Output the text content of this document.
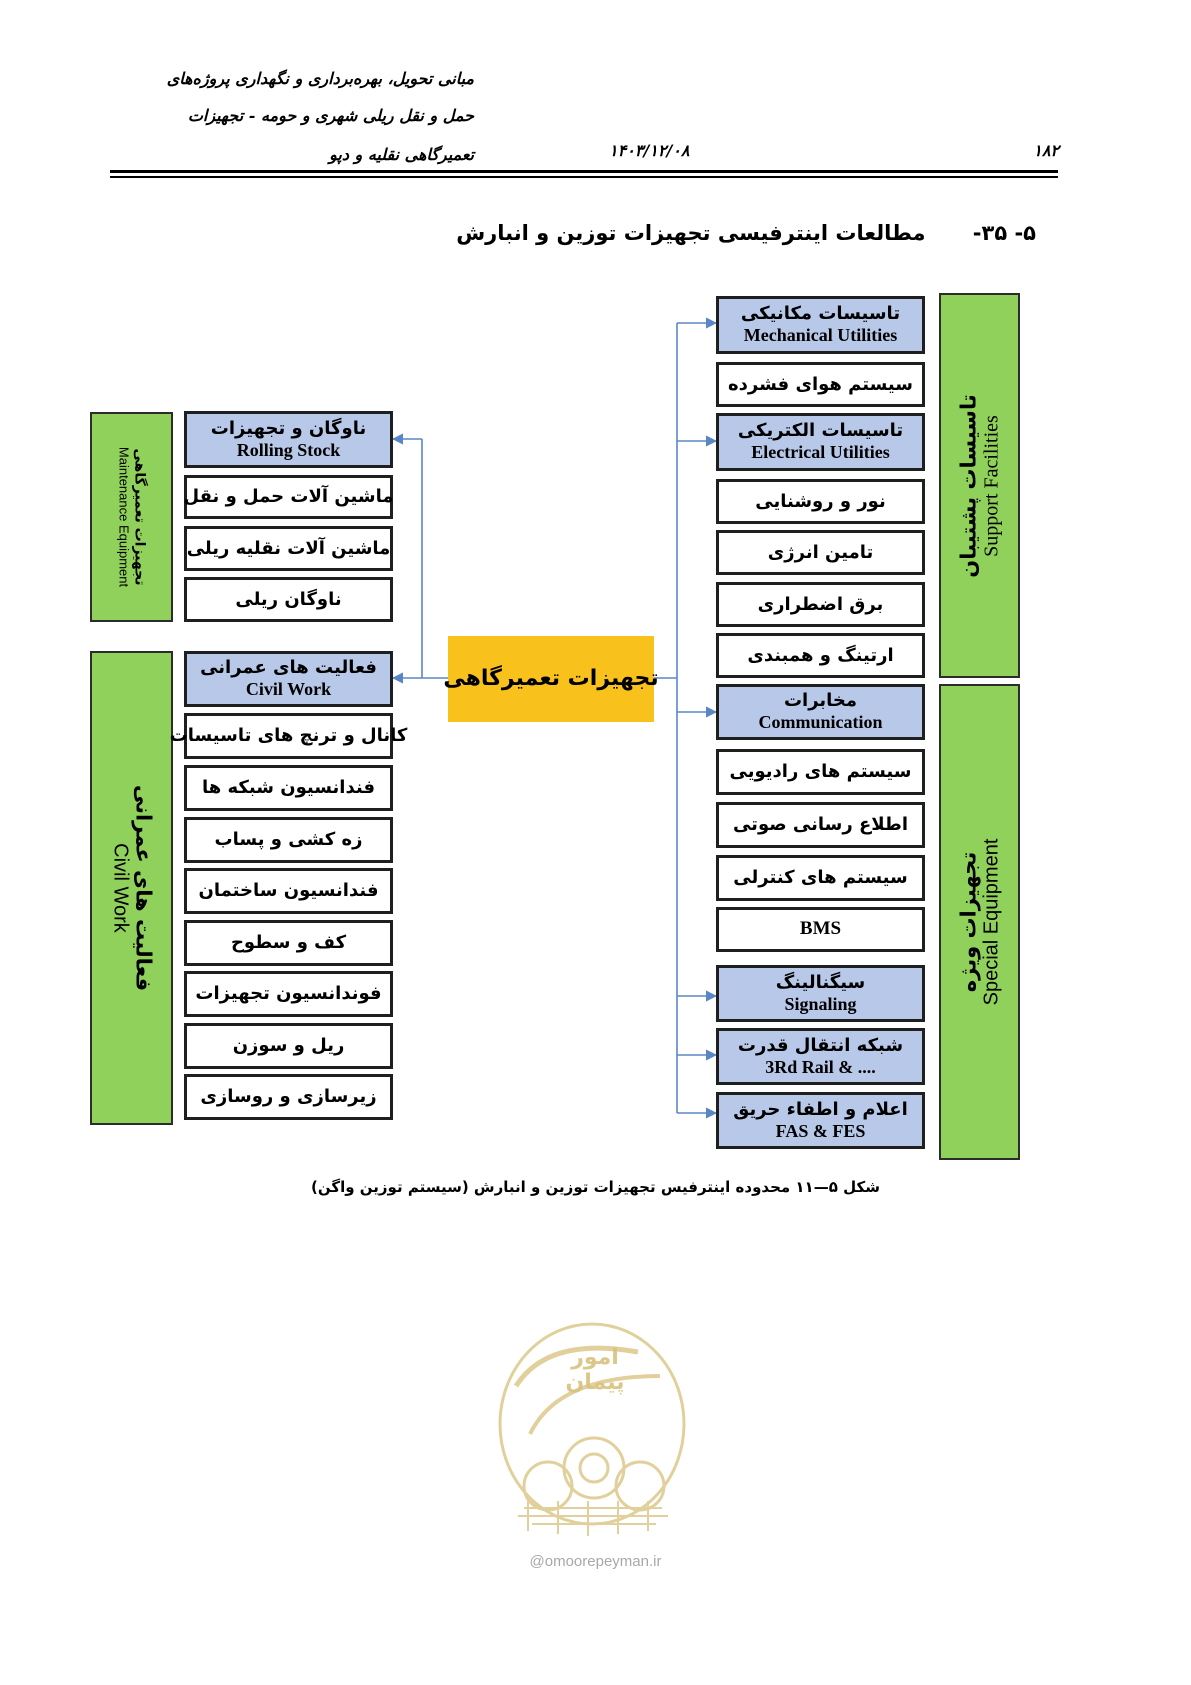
مبانی تحویل، بهره‌برداری و نگهداری پروژه‌های
حمل و نقل ریلی شهری و حومه - تجهیزات
تعمیرگاهی نقلیه و دپو	۱۴۰۳/۱۲/۰۸	۱۸۲
۵- ۳۵- مطالعات اینترفیسی تجهیزات توزین و انبارش
تجهیزات تعمیرگاهی
تجهیزات تعمیرگاهی
Maintenance Equipment
فعالیت های عمرانی
Civil Work
تاسیسات پشتیبان Support Facilities
تجهیزات ویژه Special Equipment
ناوگان و تجهیزات
Rolling Stock
ماشین آلات حمل و نقل
ماشین آلات نقلیه ریلی
ناوگان ریلی
فعالیت های عمرانی
Civil Work
کانال و ترنچ های تاسیسات
فندانسیون شبکه ها
زه کشی و پساب
فندانسیون ساختمان
کف و سطوح
فوندانسیون تجهیزات
ریل و سوزن
زیرسازی و روسازی
تاسیسات مکانیکی
Mechanical Utilities
سیستم هوای فشرده
تاسیسات الکتریکی
Electrical Utilities
نور و روشنایی
تامین انرژی
برق اضطراری
ارتینگ و همبندی
مخابرات
Communication
سیستم های رادیویی
اطلاع رسانی صوتی
سیستم های کنترلی
BMS
سیگنالینگ
Signaling
شبکه انتقال قدرت
3Rd Rail & ....
اعلام و اطفاء حریق
FAS & FES
شکل ۵—۱۱ محدوده اینترفیس تجهیزات توزین و انبارش (سیستم توزین واگن)
امور پیمان
@omoorepeyman.ir
